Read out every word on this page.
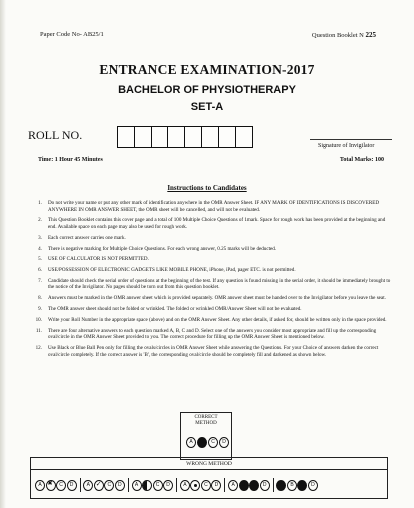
Paper Code No- AB25/1	Question Booklet N 225
ENTRANCE EXAMINATION-2017
BACHELOR OF PHYSIOTHERAPY
SET-A
ROLL NO.
Signature of Invigilator
Time: 1 Hour 45 Minutes	Total Marks: 100
Instructions to Candidates
1.	Do not write your name or put any other mark of identification anywhere in the OMR Answer Sheet. IF ANY MARK OF IDENTIFICATIONS IS DISCOVERED ANYWHERE IN OMR ANSWER SHEET, the OMR sheet will be cancelled, and will not be evaluated.
2.	This Question Booklet contains this cover page and a total of 100 Multiple Choice Questions of 1mark. Space for rough work has been provided at the beginning and end. Available space on each page may also be used for rough work.
3.	Each correct answer carries one mark.
4.	There is negative marking for Multiple Choice Questions. For each wrong answer, 0.25 marks will be deducted.
5.	USE OF CALCULATOR IS NOT PERMITTED.
6.	USE/POSSESSION OF ELECTRONIC GADGETS LIKE MOBILE PHONE, iPhone, iPad, pager ETC. is not permitted.
7.	Candidate should check the serial order of questions at the beginning of the test. If any question is found missing in the serial order, it should be immediately brought to the notice of the Invigilator. No pages should be torn out from this question booklet.
8.	Answers must be marked in the OMR answer sheet which is provided separately. OMR answer sheet must be handed over to the Invigilator before you leave the seat.
9.	The OMR answer sheet should not be folded or wrinkled. The folded or wrinkled OMR/Answer Sheet will not be evaluated.
10.	Write your Roll Number in the appropriate space (above) and on the OMR Answer Sheet. Any other details, if asked for, should be written only in the space provided.
11.	There are four alternative answers to each question marked A, B, C and D. Select one of the answers you consider most appropriate and fill up the corresponding oval/circle in the OMR Answer Sheet provided to you. The correct procedure for filling up the OMR Answer Sheet is mentioned below.
12.	Use Black or Blue Ball Pen only for filling the ovals/circles in OMR Answer Sheet while answering the Questions. For your Choice of answers darken the correct oval/circle completely. If the correct answer is 'B', the corresponding oval/circle should be completely fill and darkened as shown below.
CORRECT
METHOD
A	B	C	D
WRONG METHOD
A ✖	C	D	A ✓	C	D	A	C	D	A	C	D	A	B	C	D	A	B	C	D
